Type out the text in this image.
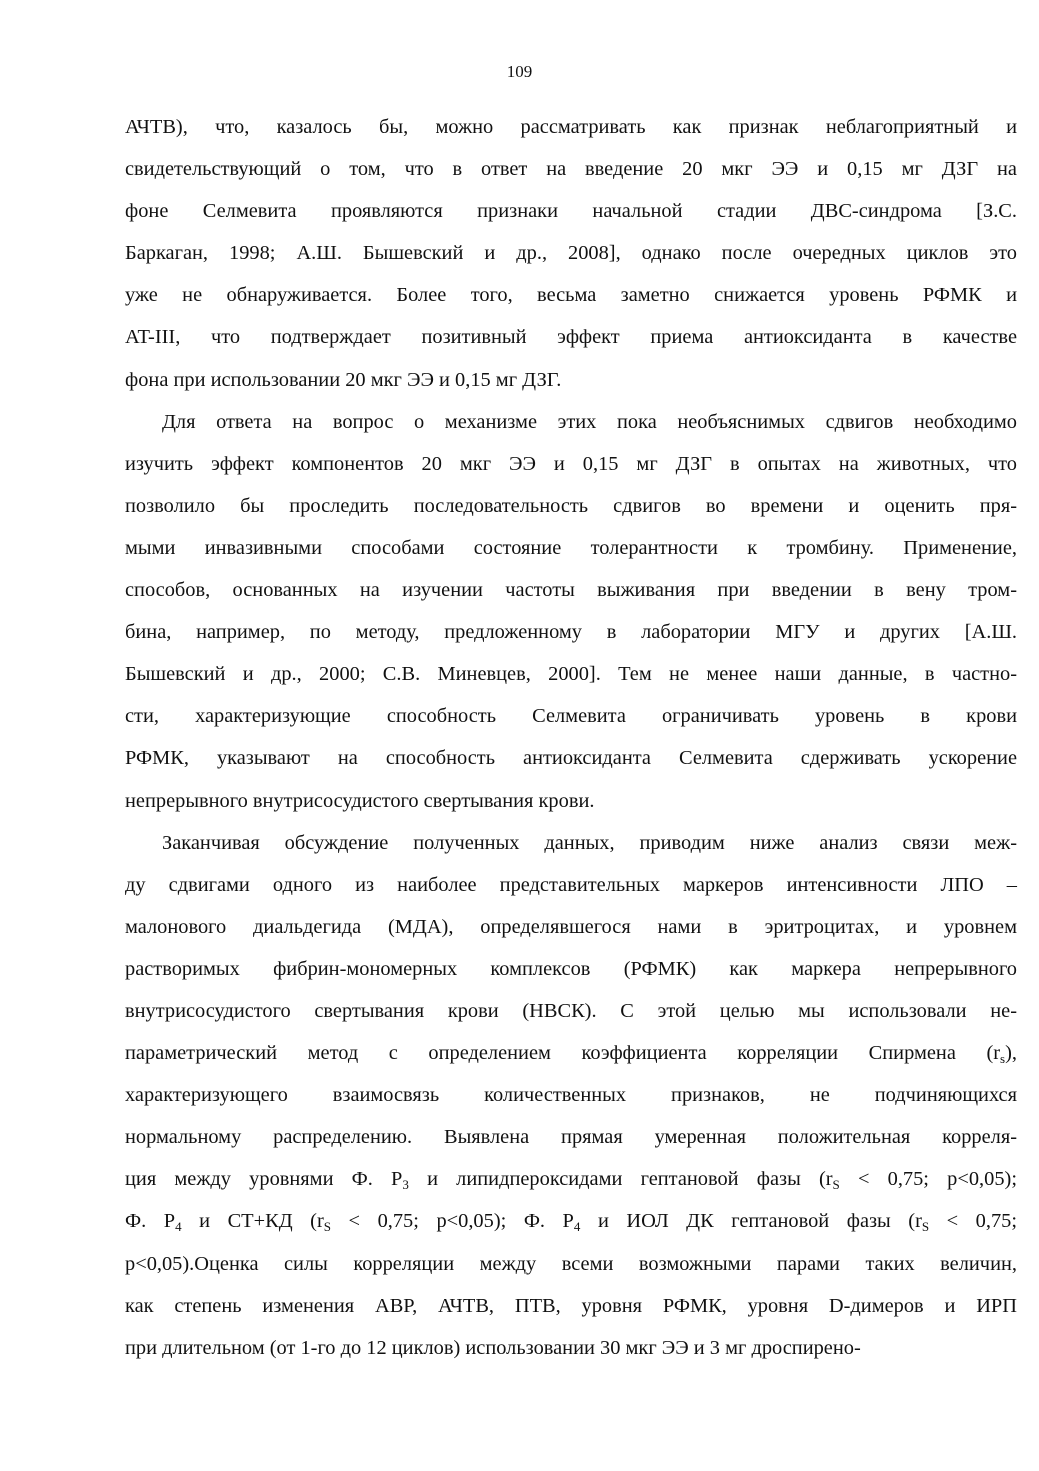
109
АЧТВ), что, казалось бы, можно рассматривать как признак неблагоприятный и
свидетельствующий о том, что в ответ на введение 20 мкг ЭЭ и 0,15 мг ДЗГ на
фоне Селмевита проявляются признаки начальной стадии ДВС-синдрома [З.С.
Баркаган, 1998; А.Ш. Бышевский и др., 2008], однако после очередных циклов это
уже не обнаруживается. Более того, весьма заметно снижается уровень РФМК и
AT-III, что подтверждает позитивный эффект приема антиоксиданта в качестве
фона при использовании 20 мкг ЭЭ и 0,15 мг ДЗГ.
Для ответа на вопрос о механизме этих пока необъяснимых сдвигов необходимо
изучить эффект компонентов 20 мкг ЭЭ и 0,15 мг ДЗГ в опытах на животных, что
позволило бы проследить последовательность сдвигов во времени и оценить пря-
мыми инвазивными способами состояние толерантности к тромбину. Применение,
способов, основанных на изучении частоты выживания при введении в вену тром-
бина, например, по методу, предложенному в лаборатории МГУ и других [А.Ш.
Бышевский и др., 2000; С.В. Миневцев, 2000]. Тем не менее наши данные, в частно-
сти, характеризующие способность Селмевита ограничивать уровень в крови
РФМК, указывают на способность антиоксиданта Селмевита сдерживать ускорение
непрерывного внутрисосудистого свертывания крови.
Заканчивая обсуждение полученных данных, приводим ниже анализ связи меж-
ду сдвигами одного из наиболее представительных маркеров интенсивности ЛПО –
малонового диальдегида (МДА), определявшегося нами в эритроцитах, и уровнем
растворимых фибрин-мономерных комплексов (РФМК) как маркера непрерывного
внутрисосудистого свертывания крови (НВСК). С этой целью мы использовали не-
параметрический метод с определением коэффициента корреляции Спирмена $(r_s)$,
характеризующего взаимосвязь количественных признаков, не подчиняющихся
нормальному распределению. Выявлена прямая умеренная положительная корреля-
ция между уровнями Ф. $Р_3$ и липидпероксидами гептановой фазы ($r_S < 0,75$; p<0,05);
Ф. $Р_4$ и СТ+КД ($r_S < 0,75$; p<0,05); Ф. $Р_4$ и ИОЛ ДК гептановой фазы ($r_S < 0,75$;
p<0,05).Оценка силы корреляции между всеми возможными парами таких величин,
как степень изменения АВР, АЧТВ, ПТВ, уровня РФМК, уровня D-димеров и ИРП
при длительном (от 1-го до 12 циклов) использовании 30 мкг ЭЭ и 3 мг дроспирено-
